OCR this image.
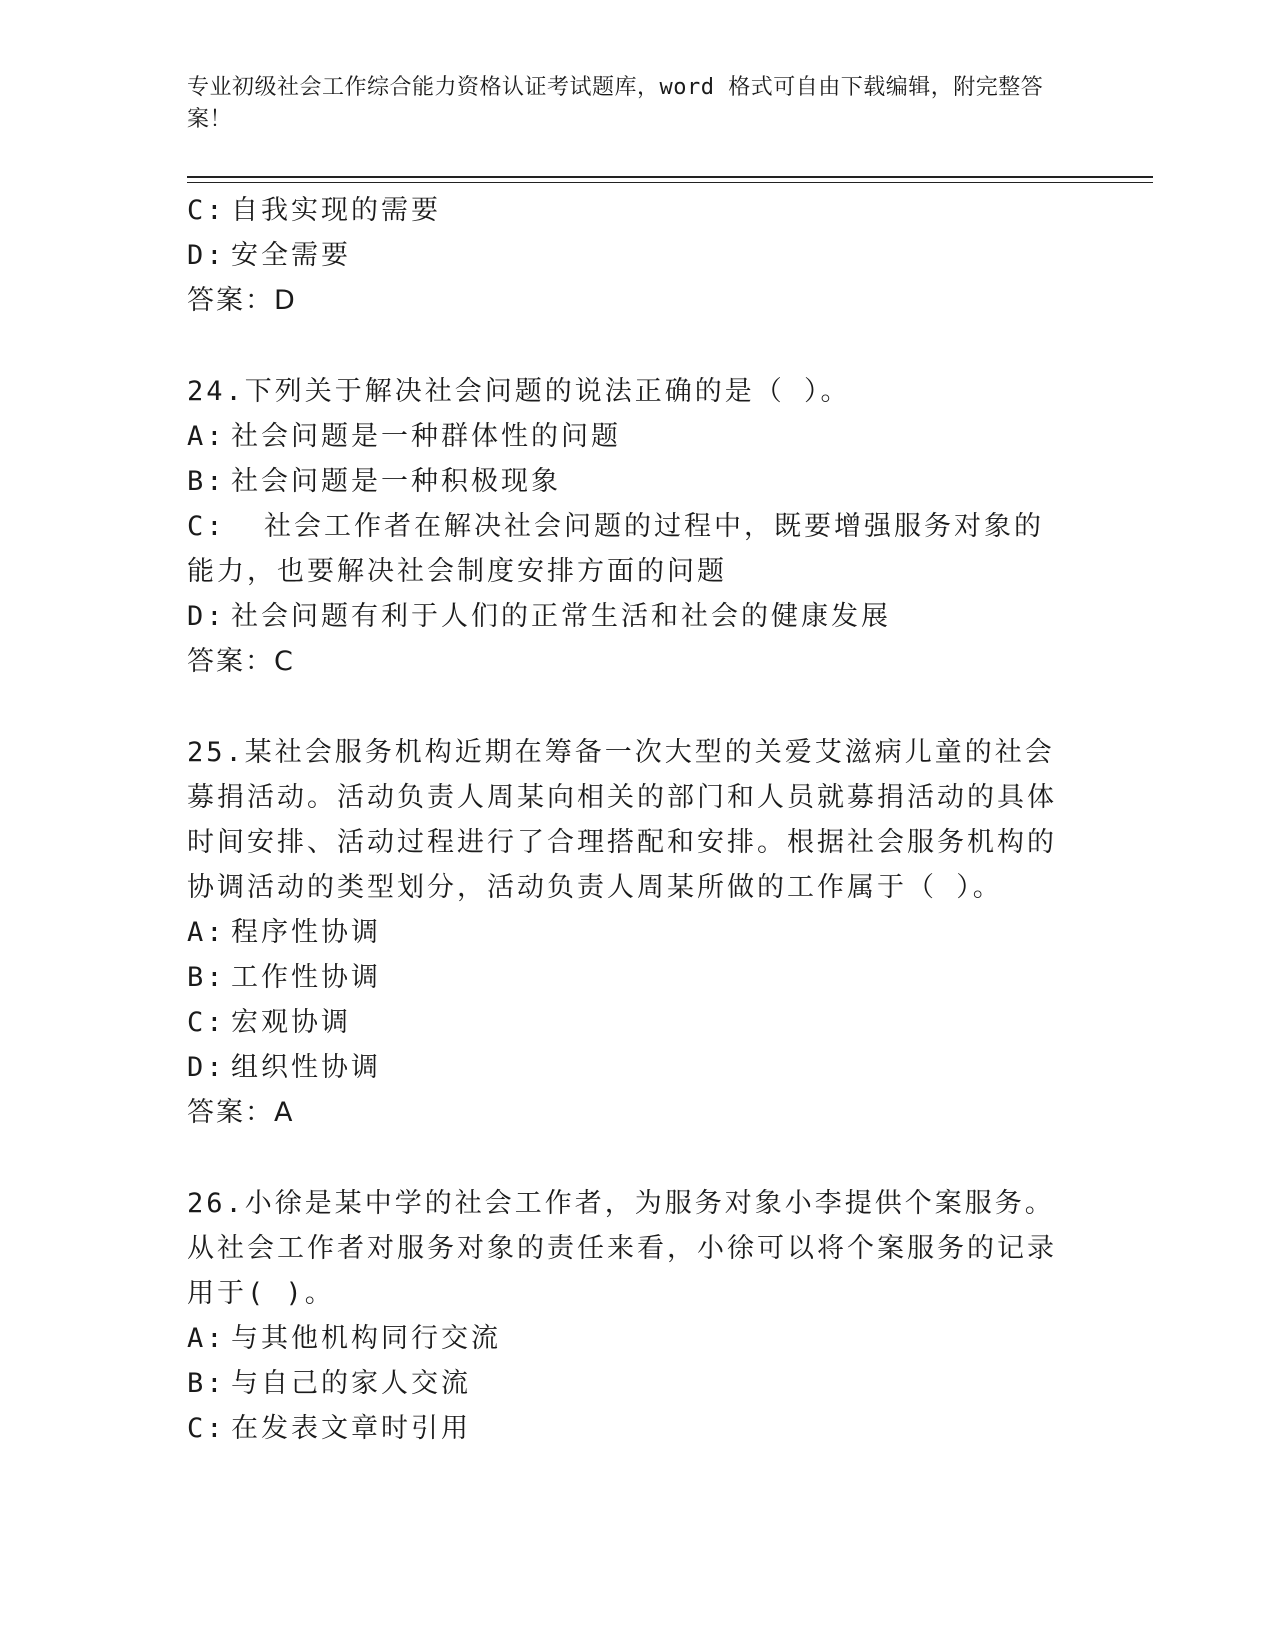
专业初级社会工作综合能力资格认证考试题库，word 格式可自由下载编辑，附完整答案！
C: 自我实现的需要
D: 安全需要
答案：D
24.下列关于解决社会问题的说法正确的是（ ）。
A: 社会问题是一种群体性的问题
B: 社会问题是一种积极现象
C: 社会工作者在解决社会问题的过程中，既要增强服务对象的能力，也要解决社会制度安排方面的问题
D: 社会问题有利于人们的正常生活和社会的健康发展
答案：C
25.某社会服务机构近期在筹备一次大型的关爱艾滋病儿童的社会募捐活动。活动负责人周某向相关的部门和人员就募捐活动的具体时间安排、活动过程进行了合理搭配和安排。根据社会服务机构的协调活动的类型划分，活动负责人周某所做的工作属于（ ）。
A: 程序性协调
B: 工作性协调
C: 宏观协调
D: 组织性协调
答案：A
26.小徐是某中学的社会工作者，为服务对象小李提供个案服务。从社会工作者对服务对象的责任来看，小徐可以将个案服务的记录用于( )。
A: 与其他机构同行交流
B: 与自己的家人交流
C: 在发表文章时引用
